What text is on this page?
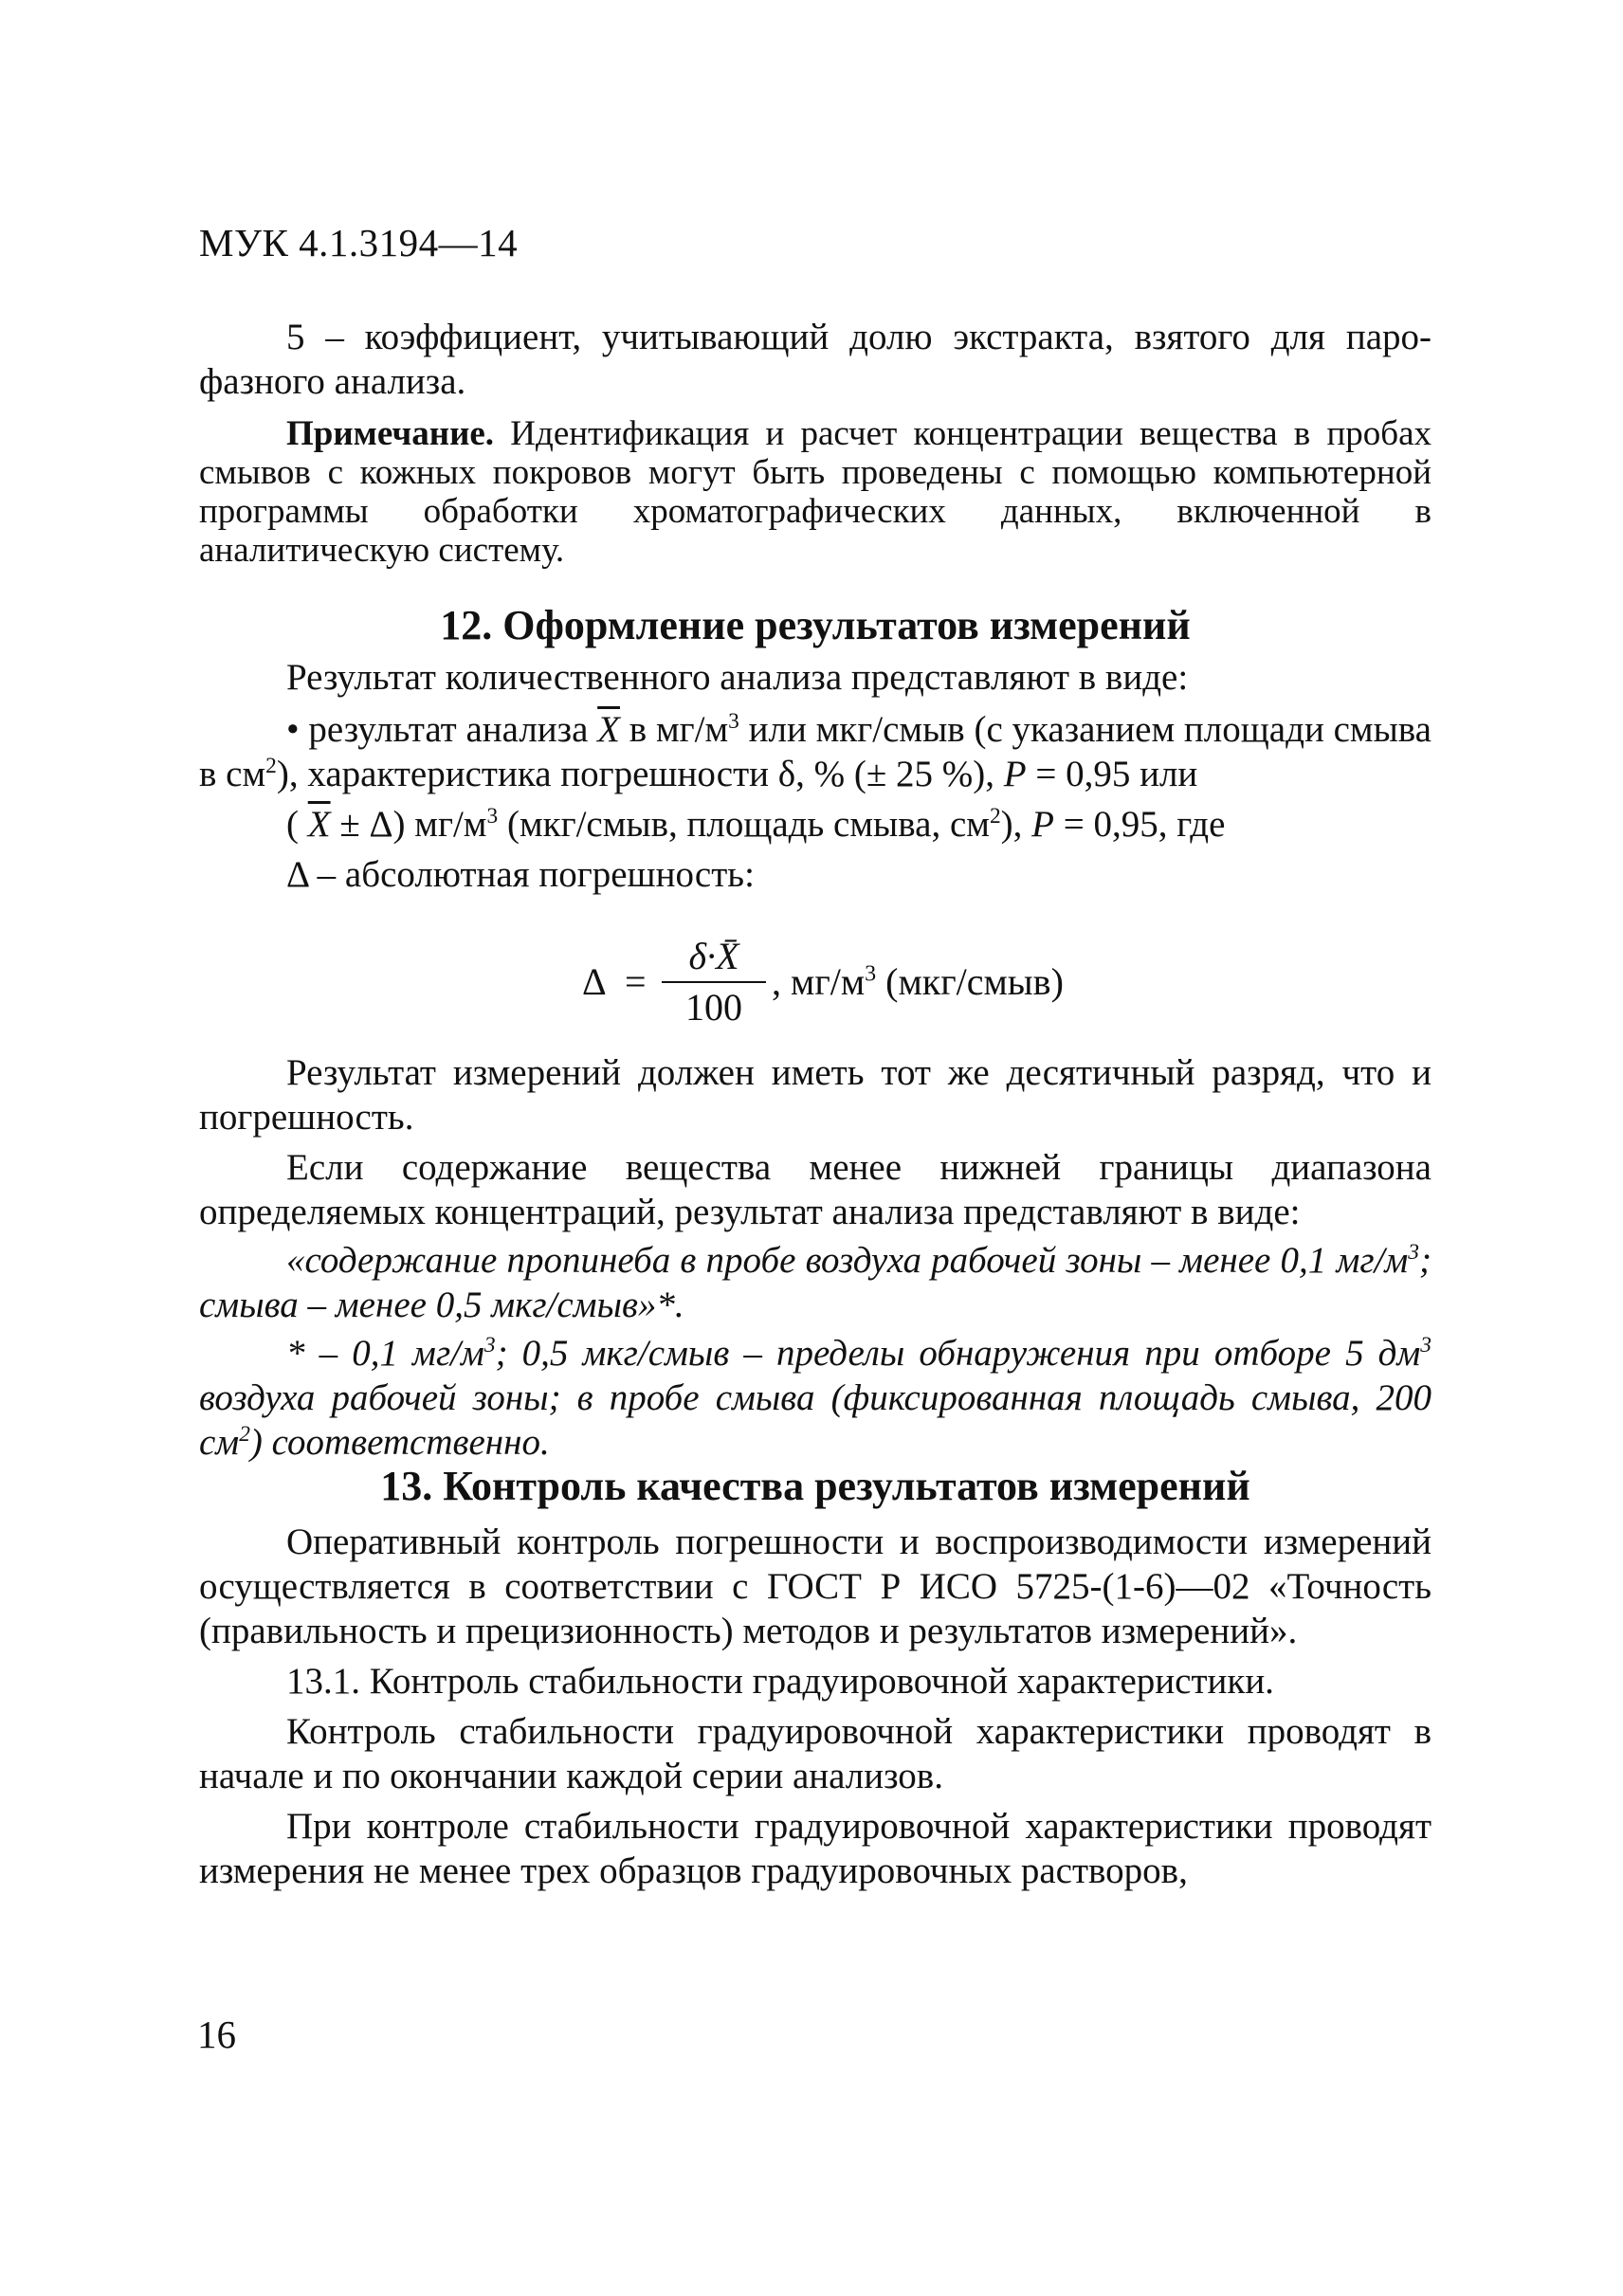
МУК 4.1.3194—14

5 – коэффициент, учитывающий долю экстракта, взятого для паро- фазного анализа.

Примечание. Идентификация и расчет концентрации вещества в пробах смывов с кожных покровов могут быть проведены с помощью компьютерной программы обработки хроматографических данных, включенной в аналитическую систему.

12. Оформление результатов измерений

Результат количественного анализа представляют в виде:

• результат анализа $\overline{X}$ в $мг/м^3$ или мкг/смыв (с указанием площади смыва в $см^2$), характеристика погрешности δ, % (± 25 %), P = 0,95 или

( $\overline{X} \pm \Delta$) $мг/м^3$ (мкг/смыв, площадь смыва, $см^2$), P = 0,95, где

Δ – абсолютная погрешность:

Δ =
δ·X̄
100
, $мг/м^3$ (мкг/смыв)

Результат измерений должен иметь тот же десятичный разряд, что и погрешность.

Если содержание вещества менее нижней границы диапазона определяемых концентраций, результат анализа представляют в виде:

«содержание пропинеба в пробе воздуха рабочей зоны – менее 0,1 $мг/м^3$; смыва – менее 0,5 мкг/смыв»*.

* – 0,1 $мг/м^3$; 0,5 мкг/смыв – пределы обнаружения при отборе 5 $дм^3$ воздуха рабочей зоны; в пробе смыва (фиксированная площадь смыва, 200 $см^2$) соответственно.

13. Контроль качества результатов измерений

Оперативный контроль погрешности и воспроизводимости измерений осуществляется в соответствии с ГОСТ Р ИСО 5725-(1-6)—02 «Точность (правильность и прецизионность) методов и результатов измерений».

13.1. Контроль стабильности градуировочной характеристики.

Контроль стабильности градуировочной характеристики проводят в начале и по окончании каждой серии анализов.

При контроле стабильности градуировочной характеристики проводят измерения не менее трех образцов градуировочных растворов,

16
